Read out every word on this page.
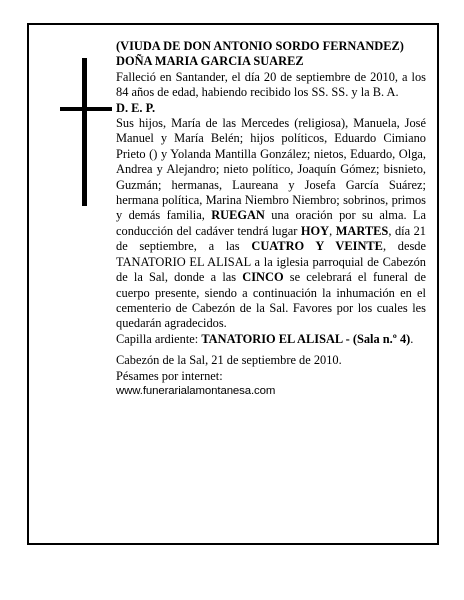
(VIUDA DE DON ANTONIO SORDO FERNANDEZ)

DOÑA MARIA GARCIA SUAREZ

Falleció en Santander, el día 20 de septiembre de 2010, a los 84 años de edad, habiendo recibido los SS. SS. y la B. A.

D. E. P.

Sus hijos, María de las Mercedes (religiosa), Manuela, José Manuel y María Belén; hijos políticos, Eduardo Cimiano Prieto () y Yolanda Mantilla González; nietos, Eduardo, Olga, Andrea y Alejandro; nieto político, Joaquín Gómez; bisnieto, Guzmán; hermanas, Laureana y Josefa García Suárez; hermana política, Marina Niembro Niembro; sobrinos, primos y demás familia, RUEGAN una oración por su alma. La conducción del cadáver tendrá lugar HOY, MARTES, día 21 de septiembre, a las CUATRO Y VEINTE, desde TANATORIO EL ALISAL a la iglesia parroquial de Cabezón de la Sal, donde a las CINCO se celebrará el funeral de cuerpo presente, siendo a continuación la inhumación en el cementerio de Cabezón de la Sal. Favores por los cuales les quedarán agradecidos.

Capilla ardiente: TANATORIO EL ALISAL - (Sala n.º 4).

Cabezón de la Sal, 21 de septiembre de 2010.

Pésames por internet:

www.funerarialamontanesa.com
